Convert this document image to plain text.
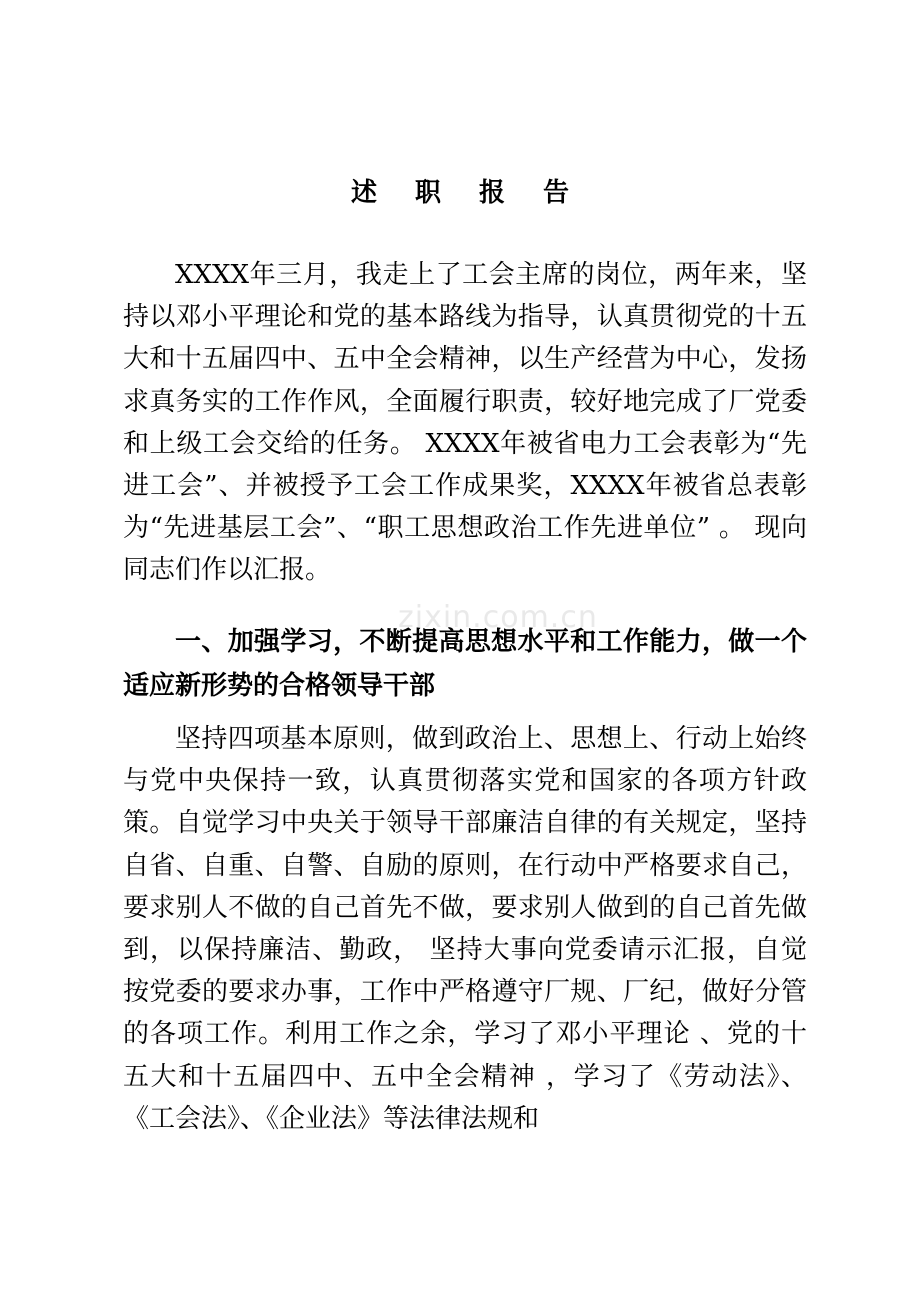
述职报告

XXXX年三月，我走上了工会主席的岗位，两年来，坚持以邓小平理论和党的基本路线为指导，认真贯彻党的十五大和十五届四中、五中全会精神，以生产经营为中心，发扬求真务实的工作作风，全面履行职责，较好地完成了厂党委和上级工会交给的任务。 XXXX年被省电力工会表彰为“先进工会”、并被授予工会工作成果奖，XXXX年被省总表彰为“先进基层工会”、“职工思想政治工作先进单位” 。 现向同志们作以汇报。

zixin.com.cn

一、加强学习，不断提高思想水平和工作能力，做一个适应新形势的合格领导干部

坚持四项基本原则，做到政治上、思想上、行动上始终与党中央保持一致，认真贯彻落实党和国家的各项方针政策。自觉学习中央关于领导干部廉洁自律的有关规定，坚持自省、自重、自警、自励的原则，在行动中严格要求自己，要求别人不做的自己首先不做，要求别人做到的自己首先做到，以保持廉洁、勤政， 坚持大事向党委请示汇报，自觉按党委的要求办事，工作中严格遵守厂规、厂纪，做好分管的各项工作。利用工作之余，学习了邓小平理论 、党的十五大和十五届四中、五中全会精神 ，学习了《劳动法》、《工会法》、《企业法》等法律法规和
